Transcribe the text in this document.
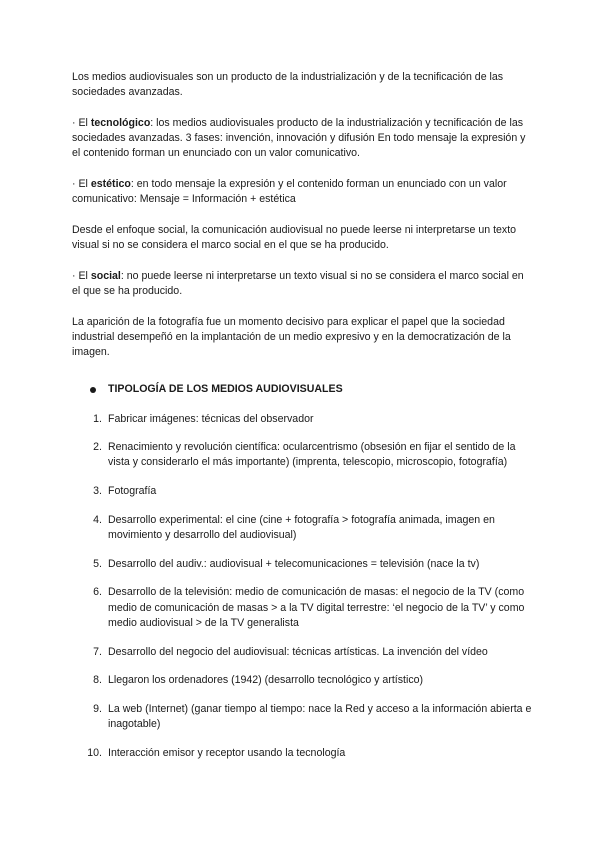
Los medios audiovisuales son un producto de la industrialización y de la tecnificación de las sociedades avanzadas.

· El tecnológico: los medios audiovisuales producto de la industrialización y tecnificación de las sociedades avanzadas. 3 fases: invención, innovación y difusión En todo mensaje la expresión y el contenido forman un enunciado con un valor comunicativo.

· El estético: en todo mensaje la expresión y el contenido forman un enunciado con un valor comunicativo: Mensaje = Información + estética

Desde el enfoque social, la comunicación audiovisual no puede leerse ni interpretarse un texto visual si no se considera el marco social en el que se ha producido.

· El social: no puede leerse ni interpretarse un texto visual si no se considera el marco social en el que se ha producido.

La aparición de la fotografía fue un momento decisivo para explicar el papel que la sociedad industrial desempeñó en la implantación de un medio expresivo y en la democratización de la imagen.

TIPOLOGÍA DE LOS MEDIOS AUDIOVISUALES
1. Fabricar imágenes: técnicas del observador
2. Renacimiento y revolución científica: ocularcentrismo (obsesión en fijar el sentido de la vista y considerarlo el más importante) (imprenta, telescopio, microscopio, fotografía)
3. Fotografía
4. Desarrollo experimental: el cine (cine + fotografía > fotografía animada, imagen en movimiento y desarrollo del audiovisual)
5. Desarrollo del audiv.: audiovisual + telecomunicaciones = televisión (nace la tv)
6. Desarrollo de la televisión: medio de comunicación de masas: el negocio de la TV (como medio de comunicación de masas > a la TV digital terrestre: ‘el negocio de la TV’ y como medio audiovisual > de la TV generalista
7. Desarrollo del negocio del audiovisual: técnicas artísticas. La invención del vídeo
8. Llegaron los ordenadores (1942) (desarrollo tecnológico y artístico)
9. La web (Internet) (ganar tiempo al tiempo: nace la Red y acceso a la información abierta e inagotable)
10. Interacción emisor y receptor usando la tecnología
